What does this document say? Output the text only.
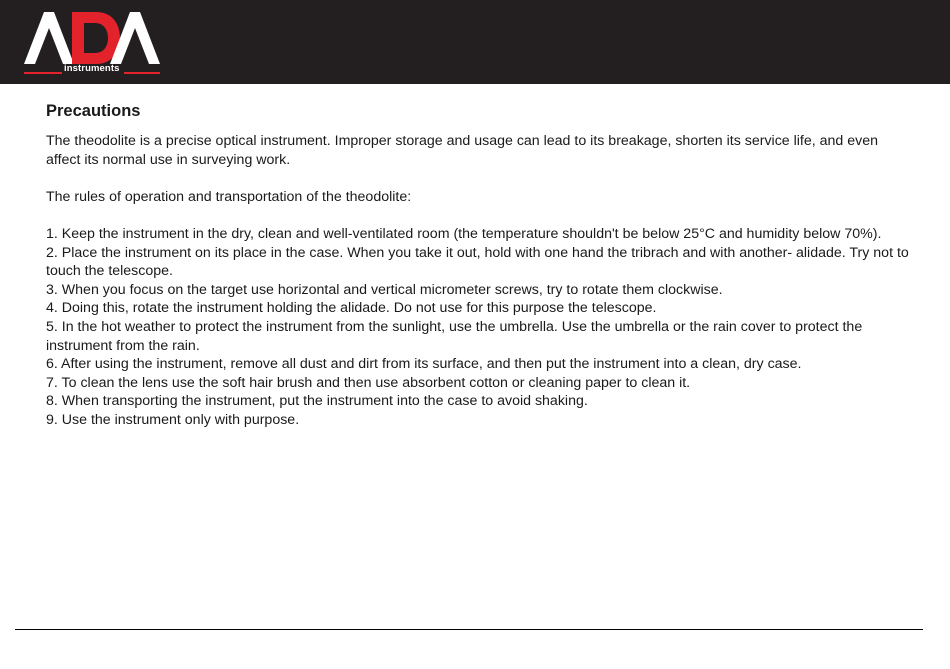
instruments
Precautions

The theodolite is a precise optical instrument. Improper storage and usage can lead to its breakage, shorten its service life, and even affect its normal use in surveying work.

The rules of operation and transportation of the theodolite:

1. Keep the instrument in the dry, clean and well-ventilated room (the temperature shouldn't be below 25°C and humidity below 70%).
2. Place the instrument on its place in the case. When you take it out, hold with one hand the tribrach and with another- alidade. Try not to touch the telescope.
3. When you focus on the target use horizontal and vertical micrometer screws, try to rotate them clockwise.
4. Doing this, rotate the instrument holding the alidade. Do not use for this purpose the telescope.
5. In the hot weather to protect the instrument from the sunlight, use the umbrella. Use the umbrella or the rain cover to protect the instrument from the rain.
6. After using the instrument, remove all dust and dirt from its surface, and then put the instrument into a clean, dry case.
7. To clean the lens use the soft hair brush and then use absorbent cotton or cleaning paper to clean it.
8. When transporting the instrument, put the instrument into the case to avoid shaking.
9. Use the instrument only with purpose.
